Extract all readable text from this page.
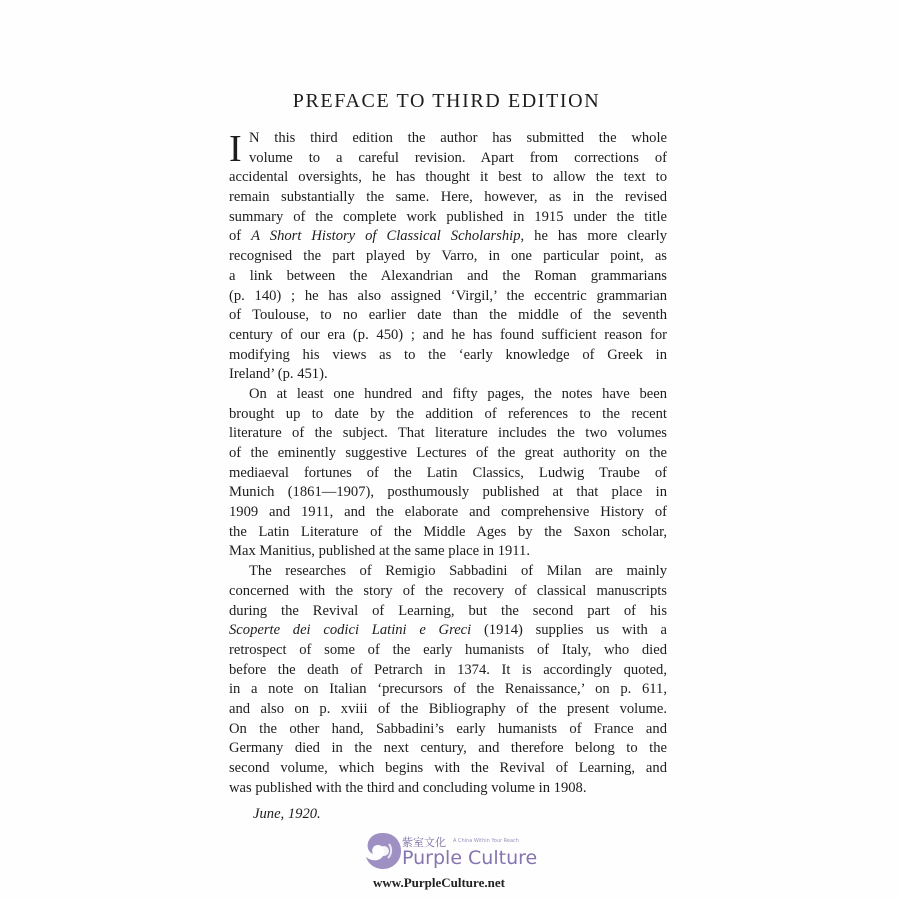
PREFACE TO THIRD EDITION
I N this third edition the author has submitted the whole
volume to a careful revision. Apart from corrections of
accidental oversights, he has thought it best to allow the text to
remain substantially the same. Here, however, as in the revised
summary of the complete work published in 1915 under the title
of A Short History of Classical Scholarship, he has more clearly
recognised the part played by Varro, in one particular point, as
a link between the Alexandrian and the Roman grammarians
(p. 140) ; he has also assigned ‘Virgil,’ the eccentric grammarian
of Toulouse, to no earlier date than the middle of the seventh
century of our era (p. 450) ; and he has found sufficient reason for
modifying his views as to the ‘early knowledge of Greek in
Ireland’ (p. 451).
On at least one hundred and fifty pages, the notes have been
brought up to date by the addition of references to the recent
literature of the subject. That literature includes the two volumes
of the eminently suggestive Lectures of the great authority on the
mediaeval fortunes of the Latin Classics, Ludwig Traube of
Munich (1861—1907), posthumously published at that place in
1909 and 1911, and the elaborate and comprehensive History of
the Latin Literature of the Middle Ages by the Saxon scholar,
Max Manitius, published at the same place in 1911.
The researches of Remigio Sabbadini of Milan are mainly
concerned with the story of the recovery of classical manuscripts
during the Revival of Learning, but the second part of his
Scoperte dei codici Latini e Greci (1914) supplies us with a
retrospect of some of the early humanists of Italy, who died
before the death of Petrarch in 1374. It is accordingly quoted,
in a note on Italian ‘precursors of the Renaissance,’ on p. 611,
and also on p. xviii of the Bibliography of the present volume.
On the other hand, Sabbadini’s early humanists of France and
Germany died in the next century, and therefore belong to the
second volume, which begins with the Revival of Learning, and
was published with the third and concluding volume in 1908.
June, 1920.
紫室文化 A China Within Your Reach
Purple Culture
www.PurpleCulture.net
